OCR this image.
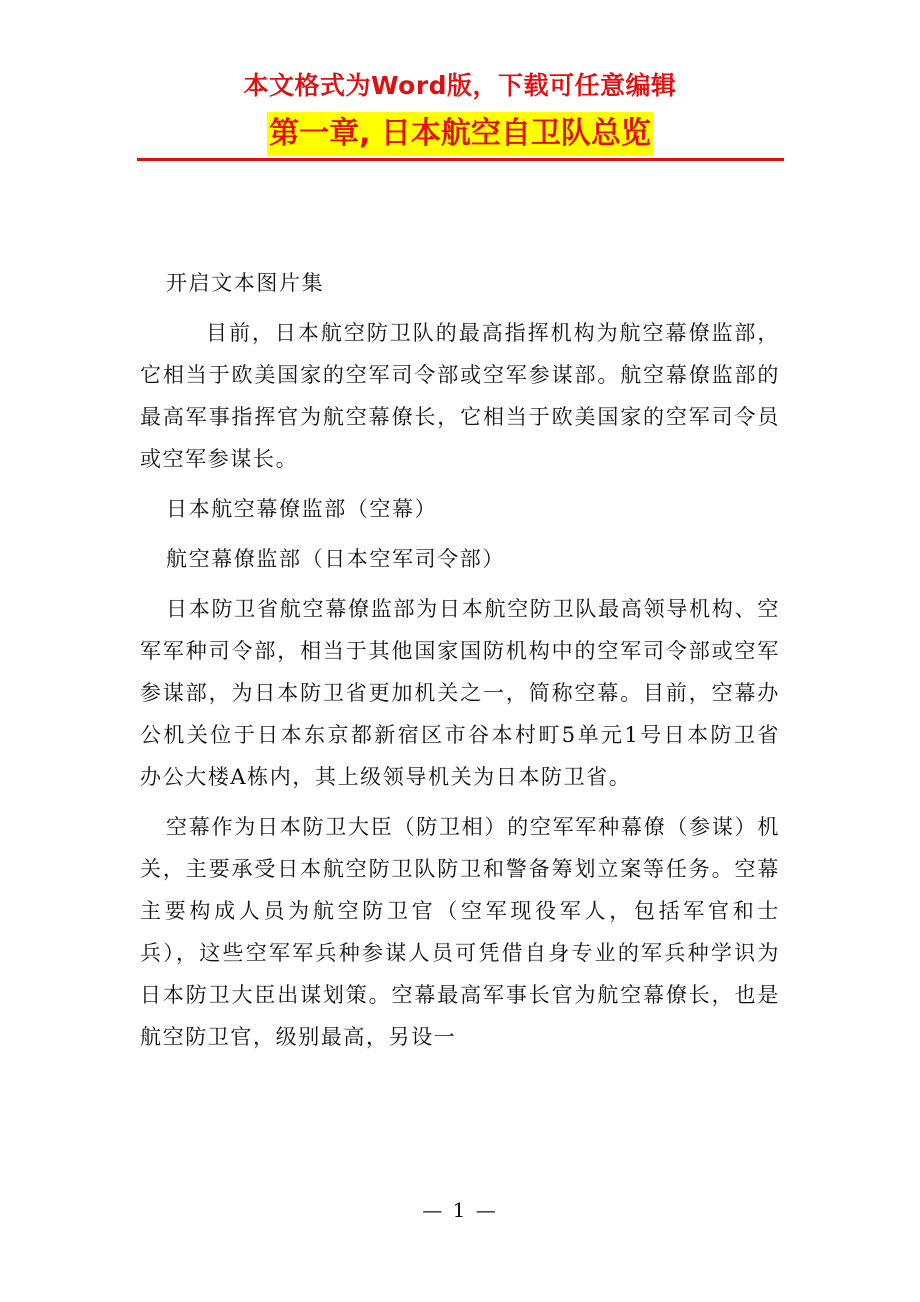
本文格式为Word版，下载可任意编辑
第一章, 日本航空自卫队总览

开启文本图片集

目前，日本航空防卫队的最高指挥机构为航空幕僚监部，它相当于欧美国家的空军司令部或空军参谋部。航空幕僚监部的最高军事指挥官为航空幕僚长，它相当于欧美国家的空军司令员或空军参谋长。

日本航空幕僚监部（空幕）

航空幕僚监部（日本空军司令部）

日本防卫省航空幕僚监部为日本航空防卫队最高领导机构、空军军种司令部，相当于其他国家国防机构中的空军司令部或空军参谋部，为日本防卫省更加机关之一，简称空幕。目前，空幕办公机关位于日本东京都新宿区市谷本村町5单元1号日本防卫省办公大楼A栋内，其上级领导机关为日本防卫省。

空幕作为日本防卫大臣（防卫相）的空军军种幕僚（参谋）机关，主要承受日本航空防卫队防卫和警备筹划立案等任务。空幕主要构成人员为航空防卫官（空军现役军人，包括军官和士兵），这些空军军兵种参谋人员可凭借自身专业的军兵种学识为日本防卫大臣出谋划策。空幕最高军事长官为航空幕僚长，也是航空防卫官，级别最高，另设一

— 1 —
